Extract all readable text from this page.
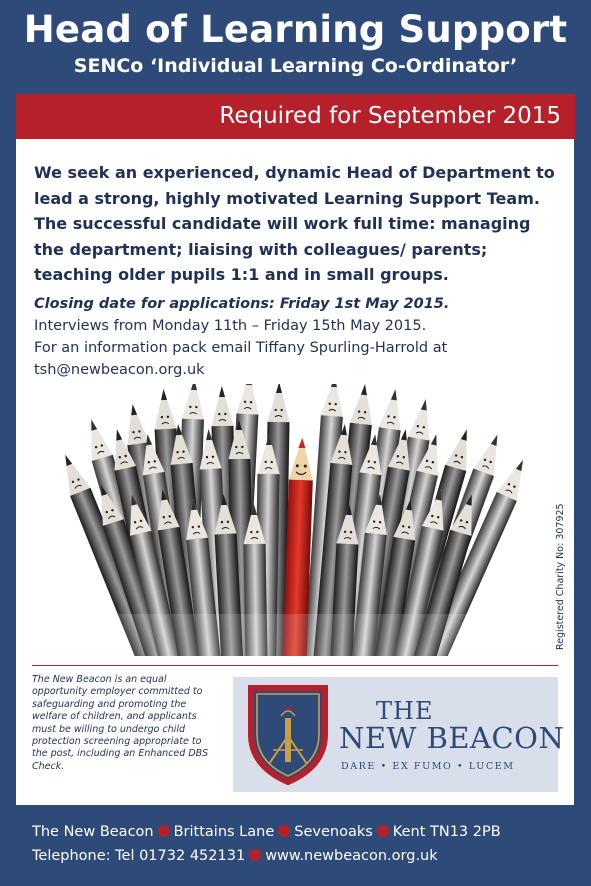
Head of Learning Support
SENCo ‘Individual Learning Co-Ordinator’
Required for September 2015
We seek an experienced, dynamic Head of Department to lead a strong, highly motivated Learning Support Team. The successful candidate will work full time: managing the department; liaising with colleagues/ parents; teaching older pupils 1:1 and in small groups.
Closing date for applications: Friday 1st May 2015.
Interviews from Monday 11th – Friday 15th May 2015.
For an information pack email Tiffany Spurling-Harrold at
tsh@newbeacon.org.uk
The New Beacon is an equal opportunity employer committed to safeguarding and promoting the welfare of children, and applicants must be willing to undergo child protection screening appropriate to the post, including an Enhanced DBS Check.
THE
NEW BEACON
DARE • EX FUMO • LUCEM
Registered Charity No: 307925
The New Beacon Brittains Lane Sevenoaks Kent TN13 2PB
Telephone: Tel 01732 452131 www.newbeacon.org.uk
